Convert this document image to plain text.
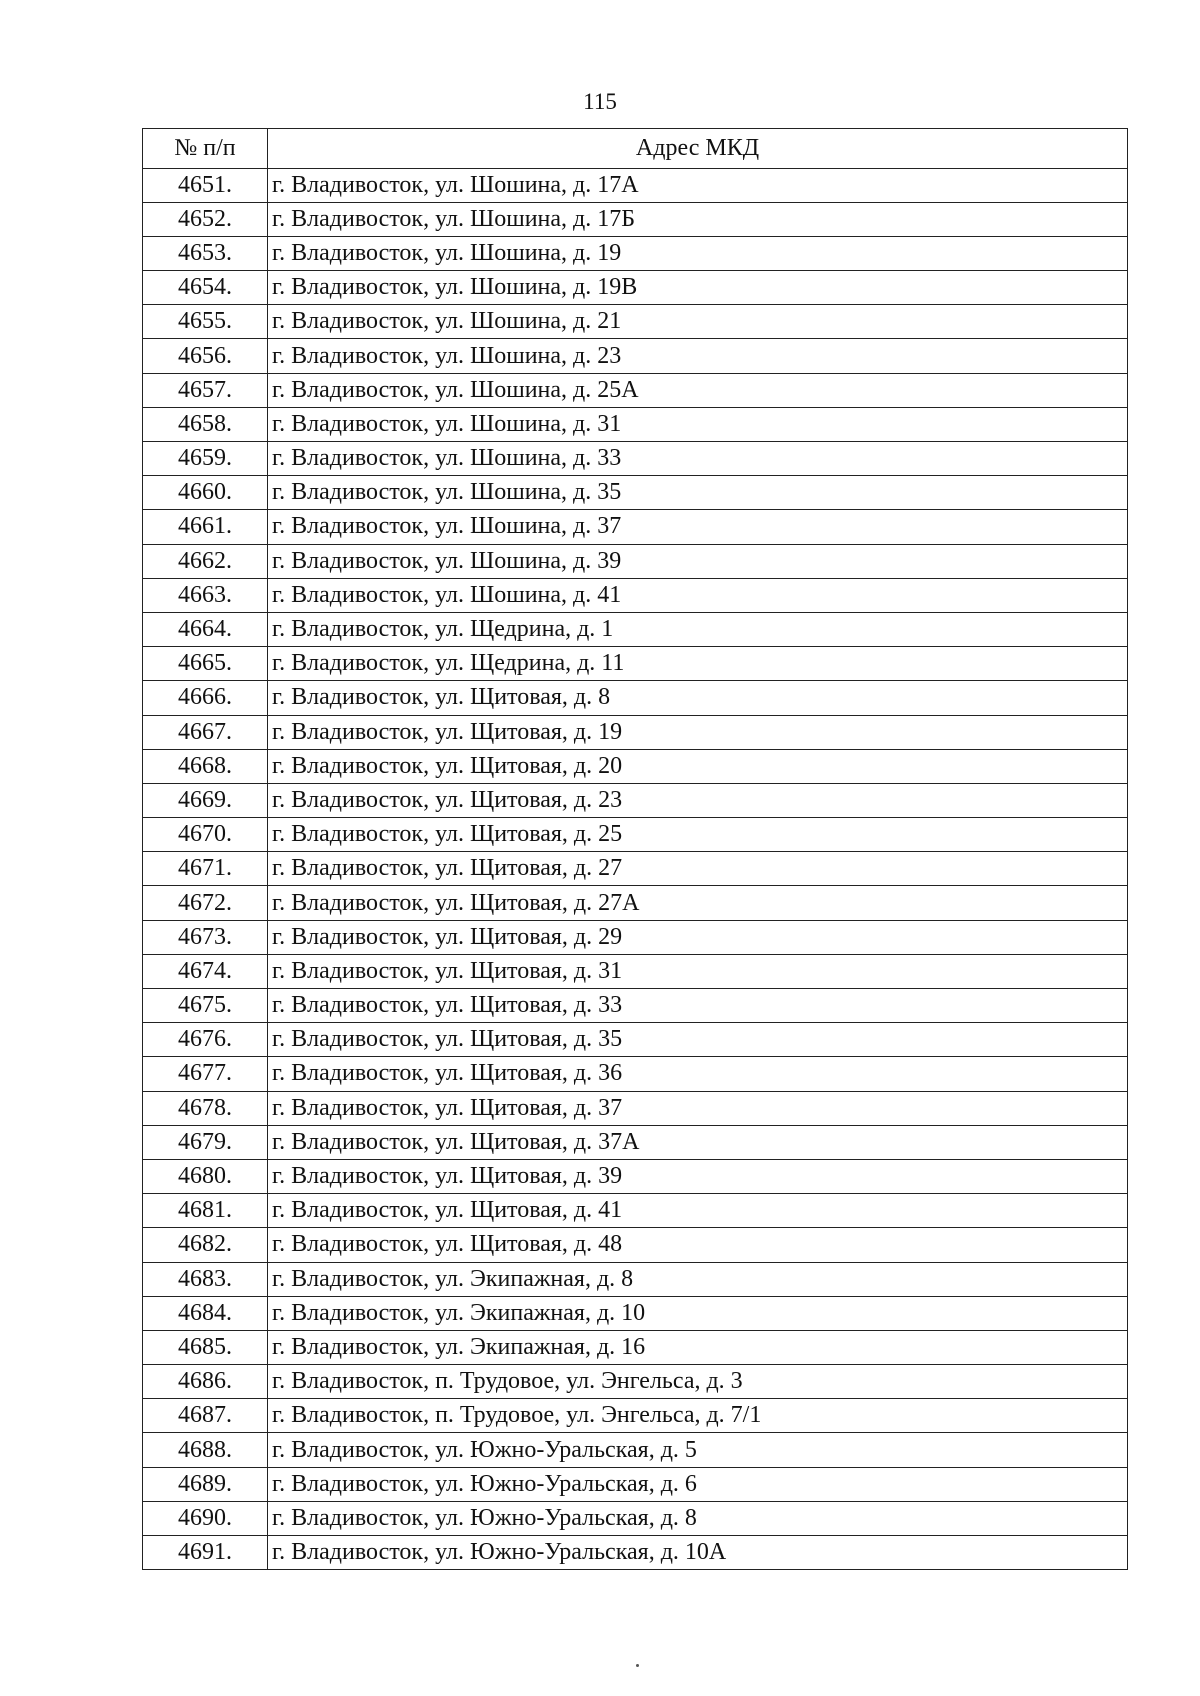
115
№ п/п	Адрес МКД
4651.	г. Владивосток, ул. Шошина, д. 17А
4652.	г. Владивосток, ул. Шошина, д. 17Б
4653.	г. Владивосток, ул. Шошина, д. 19
4654.	г. Владивосток, ул. Шошина, д. 19В
4655.	г. Владивосток, ул. Шошина, д. 21
4656.	г. Владивосток, ул. Шошина, д. 23
4657.	г. Владивосток, ул. Шошина, д. 25А
4658.	г. Владивосток, ул. Шошина, д. 31
4659.	г. Владивосток, ул. Шошина, д. 33
4660.	г. Владивосток, ул. Шошина, д. 35
4661.	г. Владивосток, ул. Шошина, д. 37
4662.	г. Владивосток, ул. Шошина, д. 39
4663.	г. Владивосток, ул. Шошина, д. 41
4664.	г. Владивосток, ул. Щедрина, д. 1
4665.	г. Владивосток, ул. Щедрина, д. 11
4666.	г. Владивосток, ул. Щитовая, д. 8
4667.	г. Владивосток, ул. Щитовая, д. 19
4668.	г. Владивосток, ул. Щитовая, д. 20
4669.	г. Владивосток, ул. Щитовая, д. 23
4670.	г. Владивосток, ул. Щитовая, д. 25
4671.	г. Владивосток, ул. Щитовая, д. 27
4672.	г. Владивосток, ул. Щитовая, д. 27А
4673.	г. Владивосток, ул. Щитовая, д. 29
4674.	г. Владивосток, ул. Щитовая, д. 31
4675.	г. Владивосток, ул. Щитовая, д. 33
4676.	г. Владивосток, ул. Щитовая, д. 35
4677.	г. Владивосток, ул. Щитовая, д. 36
4678.	г. Владивосток, ул. Щитовая, д. 37
4679.	г. Владивосток, ул. Щитовая, д. 37А
4680.	г. Владивосток, ул. Щитовая, д. 39
4681.	г. Владивосток, ул. Щитовая, д. 41
4682.	г. Владивосток, ул. Щитовая, д. 48
4683.	г. Владивосток, ул. Экипажная, д. 8
4684.	г. Владивосток, ул. Экипажная, д. 10
4685.	г. Владивосток, ул. Экипажная, д. 16
4686.	г. Владивосток, п. Трудовое, ул. Энгельса, д. 3
4687.	г. Владивосток, п. Трудовое, ул. Энгельса, д. 7/1
4688.	г. Владивосток, ул. Южно-Уральская, д. 5
4689.	г. Владивосток, ул. Южно-Уральская, д. 6
4690.	г. Владивосток, ул. Южно-Уральская, д. 8
4691.	г. Владивосток, ул. Южно-Уральская, д. 10А
